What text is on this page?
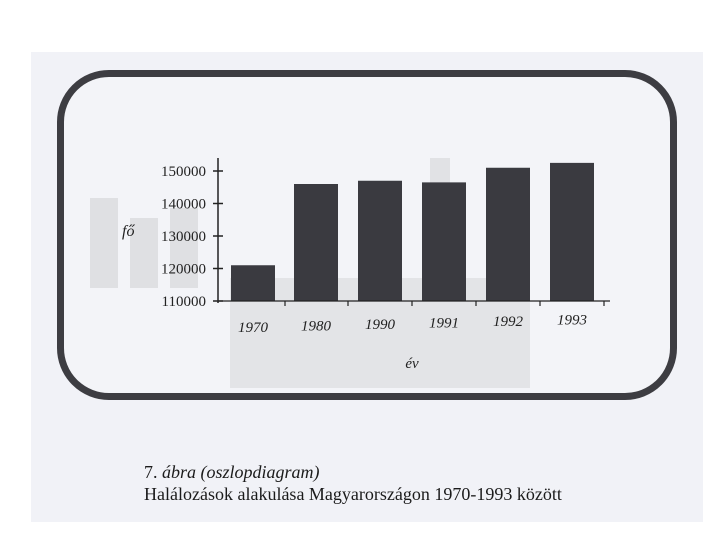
150000
140000
130000
120000
110000
1970 1980 1990 1991 1992 1993
fő
év
7. ábra (oszlopdiagram)
Halálozások alakulása Magyarországon 1970-1993 között
